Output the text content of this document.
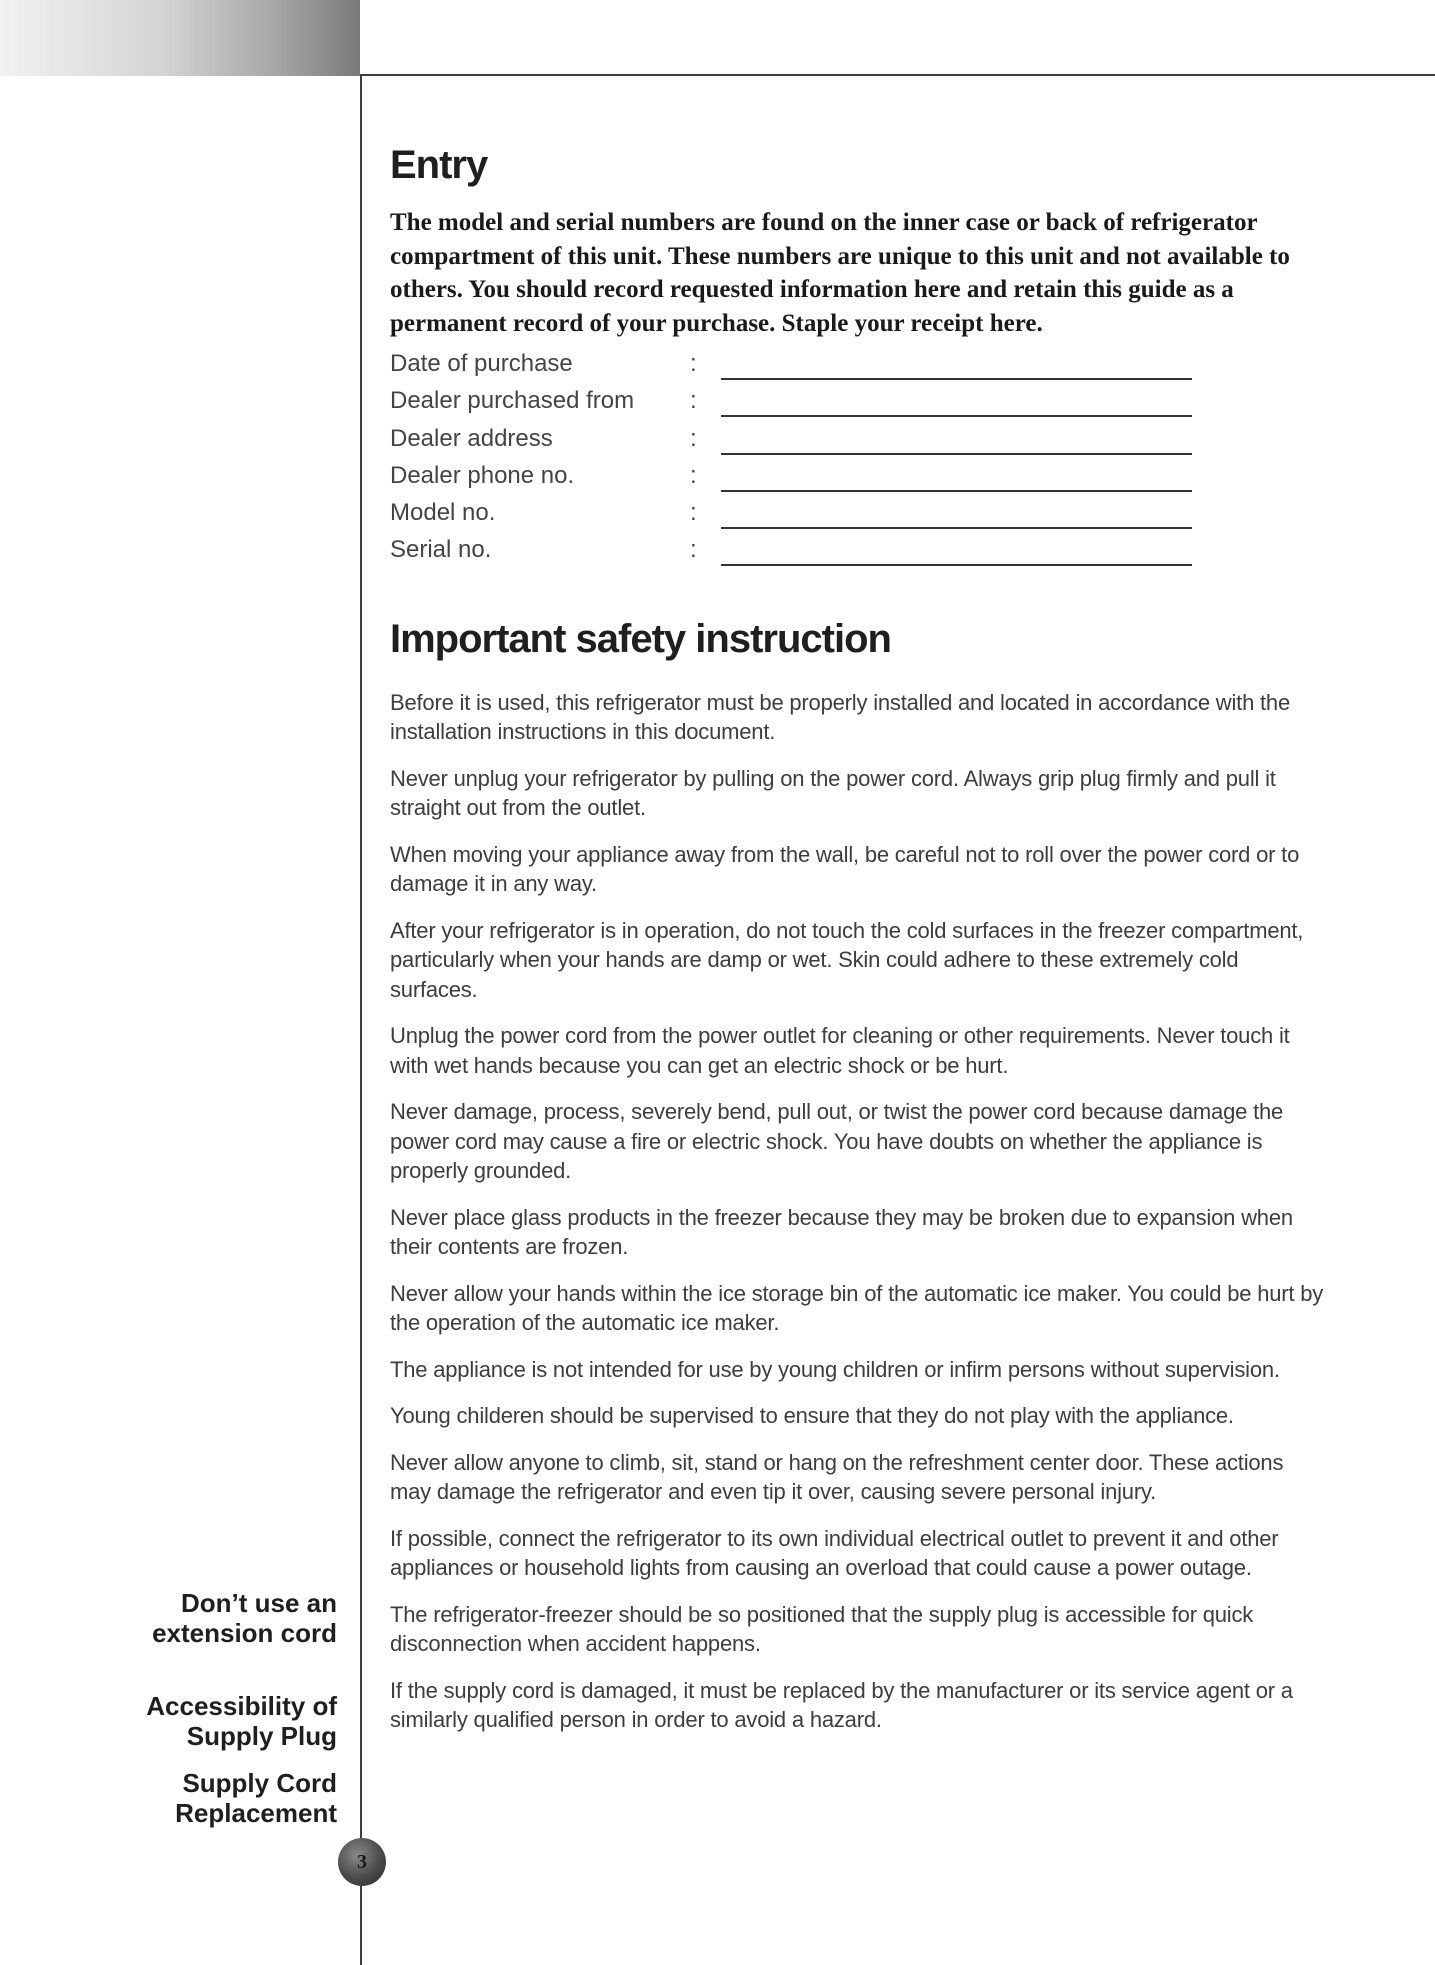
3
Don’t use an
extension cord
Accessibility of
Supply Plug
Supply Cord
Replacement
Entry

The model and serial numbers are found on the inner case or back of refrigerator compartment of this unit. These numbers are unique to this unit and not available to others. You should record requested information here and retain this guide as a permanent record of your purchase. Staple your receipt here.

Date of purchase	:
Dealer purchased from :
Dealer address	:
Dealer phone no.	:
Model no.	:
Serial no.	:
Important safety instruction

Before it is used, this refrigerator must be properly installed and located in accordance with the installation instructions in this document.

Never unplug your refrigerator by pulling on the power cord. Always grip plug firmly and pull it straight out from the outlet.

When moving your appliance away from the wall, be careful not to roll over the power cord or to damage it in any way.

After your refrigerator is in operation, do not touch the cold surfaces in the freezer compartment, particularly when your hands are damp or wet. Skin could adhere to these extremely cold surfaces.

Unplug the power cord from the power outlet for cleaning or other requirements. Never touch it with wet hands because you can get an electric shock or be hurt.

Never damage, process, severely bend, pull out, or twist the power cord because damage the power cord may cause a fire or electric shock. You have doubts on whether the appliance is properly grounded.

Never place glass products in the freezer because they may be broken due to expansion when their contents are frozen.

Never allow your hands within the ice storage bin of the automatic ice maker. You could be hurt by the operation of the automatic ice maker.

The appliance is not intended for use by young children or infirm persons without supervision.

Young childeren should be supervised to ensure that they do not play with the appliance.

Never allow anyone to climb, sit, stand or hang on the refreshment center door. These actions may damage the refrigerator and even tip it over, causing severe personal injury.

If possible, connect the refrigerator to its own individual electrical outlet to prevent it and other appliances or household lights from causing an overload that could cause a power outage.

The refrigerator-freezer should be so positioned that the supply plug is accessible for quick disconnection when accident happens.

If the supply cord is damaged, it must be replaced by the manufacturer or its service agent or a similarly qualified person in order to avoid a hazard.
